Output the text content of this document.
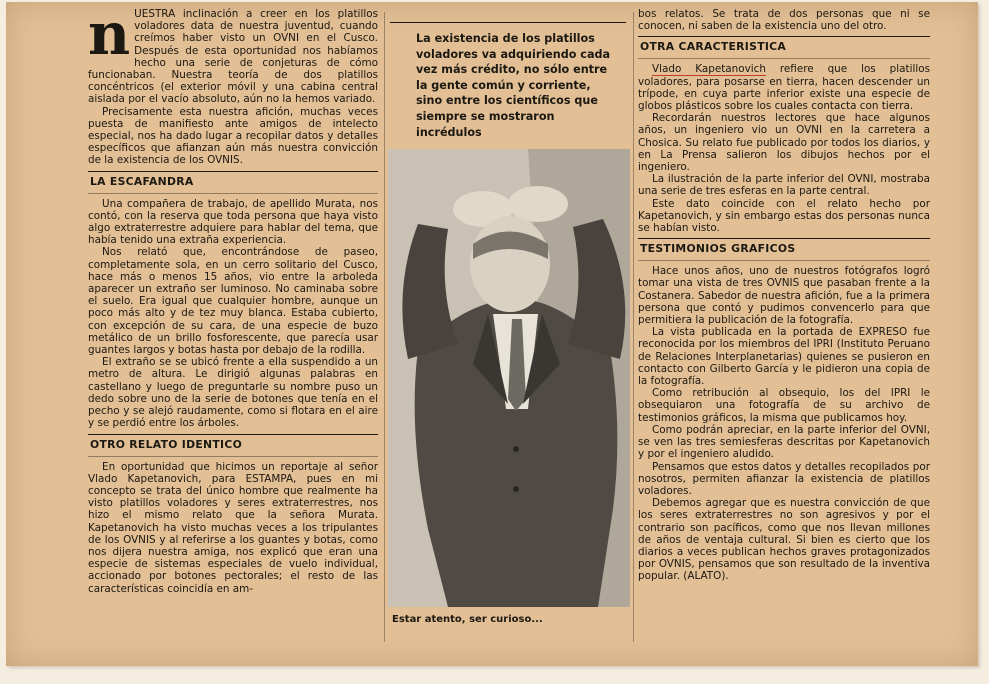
n UESTRA inclinación a creer en los platillos voladores data de nuestra juventud, cuando creímos haber visto un OVNI en el Cusco. Después de esta oportunidad nos habíamos hecho una serie de conjeturas de cómo funcionaban. Nuestra teoría de dos platillos concéntricos (el exterior móvil y una cabina central aislada por el vacío absoluto, aún no la hemos variado.

Precisamente esta nuestra afición, muchas veces puesta de manifiesto ante amigos de intelecto especial, nos ha dado lugar a recopilar datos y detalles específicos que afianzan aún más nuestra convicción de la existencia de los OVNIS.

LA ESCAFANDRA

Una compañera de trabajo, de apellido Murata, nos contó, con la reserva que toda persona que haya visto algo extraterrestre adquiere para hablar del tema, que había tenido una extraña experiencia.

Nos relató que, encontrándose de paseo, completamente sola, en un cerro solitario del Cusco, hace más o menos 15 años, vio entre la arboleda aparecer un extraño ser luminoso. No caminaba sobre el suelo. Era igual que cualquier hombre, aunque un poco más alto y de tez muy blanca. Estaba cubierto, con excepción de su cara, de una especie de buzo metálico de un brillo fosforescente, que parecía usar guantes largos y botas hasta por debajo de la rodilla.

El extraño se se ubicó frente a ella suspendido a un metro de altura. Le dirigió algunas palabras en castellano y luego de preguntarle su nombre puso un dedo sobre uno de la serie de botones que tenía en el pecho y se alejó raudamente, como si flotara en el aire y se perdió entre los árboles.

OTRO RELATO IDENTICO

En oportunidad que hicimos un reportaje al señor Vlado Kapetanovich, para ESTAMPA, pues en mi concepto se trata del único hombre que realmente ha visto platillos voladores y seres extraterrestres, nos hizo el mismo relato que la señora Murata. Kapetanovich ha visto muchas veces a los tripulantes de los OVNIS y al referirse a los guantes y botas, como nos dijera nuestra amiga, nos explicó que eran una especie de sistemas especiales de vuelo individual, accionado por botones pectorales; el resto de las características coincidía en am-

La existencia de los platillos voladores va adquiriendo cada vez más crédito, no sólo entre la gente común y corriente, sino entre los científicos que siempre se mostraron incrédulos

Estar atento, ser curioso...

bos relatos. Se trata de dos personas que ni se conocen, ni saben de la existencia uno del otro.

OTRA CARACTERISTICA

Vlado Kapetanovich refiere que los platillos voladores, para posarse en tierra, hacen descender un trípode, en cuya parte inferior existe una especie de globos plásticos sobre los cuales contacta con tierra.

Recordarán nuestros lectores que hace algunos años, un ingeniero vio un OVNI en la carretera a Chosica. Su relato fue publicado por todos los diarios, y en La Prensa salieron los dibujos hechos por el ingeniero.

La ilustración de la parte inferior del OVNI, mostraba una serie de tres esferas en la parte central.

Este dato coincide con el relato hecho por Kapetanovich, y sin embargo estas dos personas nunca se habían visto.

TESTIMONIOS GRAFICOS

Hace unos años, uno de nuestros fotógrafos logró tomar una vista de tres OVNIS que pasaban frente a la Costanera. Sabedor de nuestra afición, fue a la primera persona que contó y pudimos convencerlo para que permitiera la publicación de la fotografía.

La vista publicada en la portada de EXPRESO fue reconocida por los miembros del IPRI (Instituto Peruano de Relaciones Interplanetarias) quienes se pusieron en contacto con Gilberto García y le pidieron una copia de la fotografía.

Como retribución al obsequio, los del IPRI le obsequiaron una fotografía de su archivo de testimonios gráficos, la misma que publicamos hoy.

Como podrán apreciar, en la parte inferior del OVNI, se ven las tres semiesferas descritas por Kapetanovich y por el ingeniero aludido.

Pensamos que estos datos y detalles recopilados por nosotros, permiten afianzar la existencia de platillos voladores.

Debemos agregar que es nuestra convicción de que los seres extraterrestres no son agresivos y por el contrario son pacíficos, como que nos llevan millones de años de ventaja cultural. Si bien es cierto que los diarios a veces publican hechos graves protagonizados por OVNIS, pensamos que son resultado de la inventiva popular. (ALATO).
